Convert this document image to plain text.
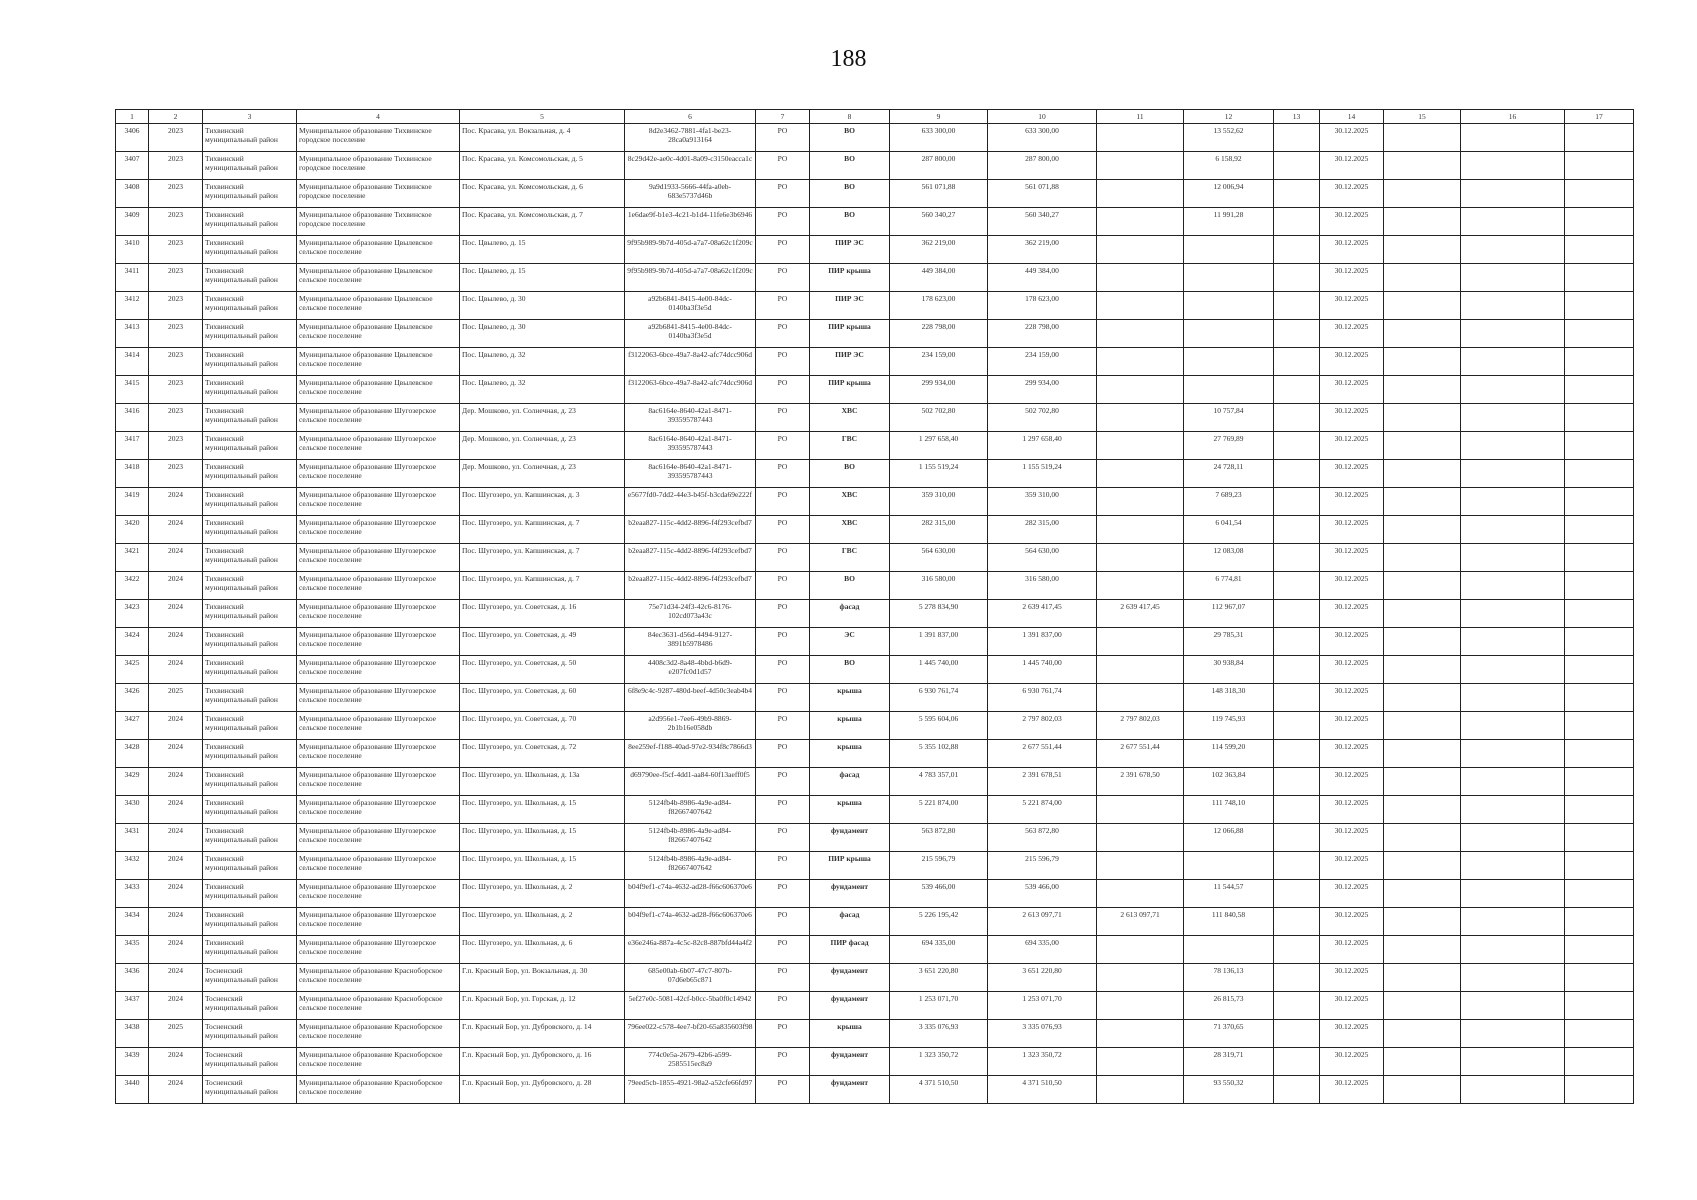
188
1	2	3	4	5	6	7	8	9	10	11	12	13	14	15	16	17
3406	2023	Тихвинский муниципальный район	Муниципальное образование Тихвинское городское поселение	Пос. Красава, ул. Вокзальная, д. 4	8d2e3462-7881-4fa1-be23-28ca0a913164	РО	ВО	633 300,00	633 300,00		13 552,62		30.12.2025			
3407	2023	Тихвинский муниципальный район	Муниципальное образование Тихвинское городское поселение	Пос. Красава, ул. Комсомольская, д. 5	8c29d42e-ae0c-4d01-8a09-c3150eacca1c	РО	ВО	287 800,00	287 800,00		6 158,92		30.12.2025			
3408	2023	Тихвинский муниципальный район	Муниципальное образование Тихвинское городское поселение	Пос. Красава, ул. Комсомольская, д. 6	9a9d1933-5666-44fa-a0eb-683e5737d46b	РО	ВО	561 071,88	561 071,88		12 006,94		30.12.2025			
3409	2023	Тихвинский муниципальный район	Муниципальное образование Тихвинское городское поселение	Пос. Красава, ул. Комсомольская, д. 7	1e6dae9f-b1e3-4c21-b1d4-11fe6e3b6946	РО	ВО	560 340,27	560 340,27		11 991,28		30.12.2025			
3410	2023	Тихвинский муниципальный район	Муниципальное образование Цвылевское сельское поселение	Пос. Цвылево, д. 15	9f95b989-9b7d-405d-a7a7-08a62c1f209c	РО	ПИР ЭС	362 219,00	362 219,00				30.12.2025			
3411	2023	Тихвинский муниципальный район	Муниципальное образование Цвылевское сельское поселение	Пос. Цвылево, д. 15	9f95b989-9b7d-405d-a7a7-08a62c1f209c	РО	ПИР крыша	449 384,00	449 384,00				30.12.2025			
3412	2023	Тихвинский муниципальный район	Муниципальное образование Цвылевское сельское поселение	Пос. Цвылево, д. 30	a92b6841-8415-4e00-84dc-0140ba3f3e5d	РО	ПИР ЭС	178 623,00	178 623,00				30.12.2025			
3413	2023	Тихвинский муниципальный район	Муниципальное образование Цвылевское сельское поселение	Пос. Цвылево, д. 30	a92b6841-8415-4e00-84dc-0140ba3f3e5d	РО	ПИР крыша	228 798,00	228 798,00				30.12.2025			
3414	2023	Тихвинский муниципальный район	Муниципальное образование Цвылевское сельское поселение	Пос. Цвылево, д. 32	f3122063-6bce-49a7-8a42-afc74dcc906d	РО	ПИР ЭС	234 159,00	234 159,00				30.12.2025			
3415	2023	Тихвинский муниципальный район	Муниципальное образование Цвылевское сельское поселение	Пос. Цвылево, д. 32	f3122063-6bce-49a7-8a42-afc74dcc906d	РО	ПИР крыша	299 934,00	299 934,00				30.12.2025			
3416	2023	Тихвинский муниципальный район	Муниципальное образование Шугозерское сельское поселение	Дер. Мошково, ул. Солнечная, д. 23	8ac6164e-8640-42a1-8471-393595787443	РО	ХВС	502 702,80	502 702,80		10 757,84		30.12.2025			
3417	2023	Тихвинский муниципальный район	Муниципальное образование Шугозерское сельское поселение	Дер. Мошково, ул. Солнечная, д. 23	8ac6164e-8640-42a1-8471-393595787443	РО	ГВС	1 297 658,40	1 297 658,40		27 769,89		30.12.2025			
3418	2023	Тихвинский муниципальный район	Муниципальное образование Шугозерское сельское поселение	Дер. Мошково, ул. Солнечная, д. 23	8ac6164e-8640-42a1-8471-393595787443	РО	ВО	1 155 519,24	1 155 519,24		24 728,11		30.12.2025			
3419	2024	Тихвинский муниципальный район	Муниципальное образование Шугозерское сельское поселение	Пос. Шугозеро, ул. Капшинская, д. 3	e5677fd0-7dd2-44e3-b45f-b3cda69e222f	РО	ХВС	359 310,00	359 310,00		7 689,23		30.12.2025			
3420	2024	Тихвинский муниципальный район	Муниципальное образование Шугозерское сельское поселение	Пос. Шугозеро, ул. Капшинская, д. 7	b2eaa827-115c-4dd2-8896-f4f293cefbd7	РО	ХВС	282 315,00	282 315,00		6 041,54		30.12.2025			
3421	2024	Тихвинский муниципальный район	Муниципальное образование Шугозерское сельское поселение	Пос. Шугозеро, ул. Капшинская, д. 7	b2eaa827-115c-4dd2-8896-f4f293cefbd7	РО	ГВС	564 630,00	564 630,00		12 083,08		30.12.2025			
3422	2024	Тихвинский муниципальный район	Муниципальное образование Шугозерское сельское поселение	Пос. Шугозеро, ул. Капшинская, д. 7	b2eaa827-115c-4dd2-8896-f4f293cefbd7	РО	ВО	316 580,00	316 580,00		6 774,81		30.12.2025			
3423	2024	Тихвинский муниципальный район	Муниципальное образование Шугозерское сельское поселение	Пос. Шугозеро, ул. Советская, д. 16	75e71d34-24f3-42c6-8176-102cd073a43c	РО	фасад	5 278 834,90	2 639 417,45	2 639 417,45	112 967,07		30.12.2025			
3424	2024	Тихвинский муниципальный район	Муниципальное образование Шугозерское сельское поселение	Пос. Шугозеро, ул. Советская, д. 49	84ec3631-d56d-4494-9127-3891b5978486	РО	ЭС	1 391 837,00	1 391 837,00		29 785,31		30.12.2025			
3425	2024	Тихвинский муниципальный район	Муниципальное образование Шугозерское сельское поселение	Пос. Шугозеро, ул. Советская, д. 50	4408c3d2-8a48-4bbd-b6d9-e207fc0d1d57	РО	ВО	1 445 740,00	1 445 740,00		30 938,84		30.12.2025			
3426	2025	Тихвинский муниципальный район	Муниципальное образование Шугозерское сельское поселение	Пос. Шугозеро, ул. Советская, д. 60	6f8e9c4c-9287-480d-beef-4d50c3eab4b4	РО	крыша	6 930 761,74	6 930 761,74		148 318,30		30.12.2025			
3427	2024	Тихвинский муниципальный район	Муниципальное образование Шугозерское сельское поселение	Пос. Шугозеро, ул. Советская, д. 70	a2d956e1-7ee6-49b9-8869-2b1b16e058db	РО	крыша	5 595 604,06	2 797 802,03	2 797 802,03	119 745,93		30.12.2025			
3428	2024	Тихвинский муниципальный район	Муниципальное образование Шугозерское сельское поселение	Пос. Шугозеро, ул. Советская, д. 72	8ee259ef-f188-40ad-97e2-934f8c7866d3	РО	крыша	5 355 102,88	2 677 551,44	2 677 551,44	114 599,20		30.12.2025			
3429	2024	Тихвинский муниципальный район	Муниципальное образование Шугозерское сельское поселение	Пос. Шугозеро, ул. Школьная, д. 13а	d69790ee-f5cf-4dd1-aa84-60f13aeff0f5	РО	фасад	4 783 357,01	2 391 678,51	2 391 678,50	102 363,84		30.12.2025			
3430	2024	Тихвинский муниципальный район	Муниципальное образование Шугозерское сельское поселение	Пос. Шугозеро, ул. Школьная, д. 15	5124fb4b-8986-4a9e-ad84-f82667407642	РО	крыша	5 221 874,00	5 221 874,00		111 748,10		30.12.2025			
3431	2024	Тихвинский муниципальный район	Муниципальное образование Шугозерское сельское поселение	Пос. Шугозеро, ул. Школьная, д. 15	5124fb4b-8986-4a9e-ad84-f82667407642	РО	фундамент	563 872,80	563 872,80		12 066,88		30.12.2025			
3432	2024	Тихвинский муниципальный район	Муниципальное образование Шугозерское сельское поселение	Пос. Шугозеро, ул. Школьная, д. 15	5124fb4b-8986-4a9e-ad84-f82667407642	РО	ПИР крыша	215 596,79	215 596,79				30.12.2025			
3433	2024	Тихвинский муниципальный район	Муниципальное образование Шугозерское сельское поселение	Пос. Шугозеро, ул. Школьная, д. 2	b04f9ef1-c74a-4632-ad28-f66c606370e6	РО	фундамент	539 466,00	539 466,00		11 544,57		30.12.2025			
3434	2024	Тихвинский муниципальный район	Муниципальное образование Шугозерское сельское поселение	Пос. Шугозеро, ул. Школьная, д. 2	b04f9ef1-c74a-4632-ad28-f66c606370e6	РО	фасад	5 226 195,42	2 613 097,71	2 613 097,71	111 840,58		30.12.2025			
3435	2024	Тихвинский муниципальный район	Муниципальное образование Шугозерское сельское поселение	Пос. Шугозеро, ул. Школьная, д. 6	e36e246a-887a-4c5c-82c8-887bfd44a4f2	РО	ПИР фасад	694 335,00	694 335,00				30.12.2025			
3436	2024	Тосненский муниципальный район	Муниципальное образование Красноборское сельское поселение	Г.п. Красный Бор, ул. Вокзальная, д. 30	685e00ab-6b07-47c7-807b-07d6eb65c871	РО	фундамент	3 651 220,80	3 651 220,80		78 136,13		30.12.2025			
3437	2024	Тосненский муниципальный район	Муниципальное образование Красноборское сельское поселение	Г.п. Красный Бор, ул. Горская, д. 12	5ef27e0c-5081-42cf-b0cc-5ba0f0c14942	РО	фундамент	1 253 071,70	1 253 071,70		26 815,73		30.12.2025			
3438	2025	Тосненский муниципальный район	Муниципальное образование Красноборское сельское поселение	Г.п. Красный Бор, ул. Дубровского, д. 14	796ee022-c578-4ee7-bf20-65a835603f98	РО	крыша	3 335 076,93	3 335 076,93		71 370,65		30.12.2025			
3439	2024	Тосненский муниципальный район	Муниципальное образование Красноборское сельское поселение	Г.п. Красный Бор, ул. Дубровского, д. 16	774c0e5a-2679-42b6-a599-2585515ec8a9	РО	фундамент	1 323 350,72	1 323 350,72		28 319,71		30.12.2025			
3440	2024	Тосненский муниципальный район	Муниципальное образование Красноборское сельское поселение	Г.п. Красный Бор, ул. Дубровского, д. 28	79eed5cb-1855-4921-98a2-a52cfe66fd97	РО	фундамент	4 371 510,50	4 371 510,50		93 550,32		30.12.2025			
